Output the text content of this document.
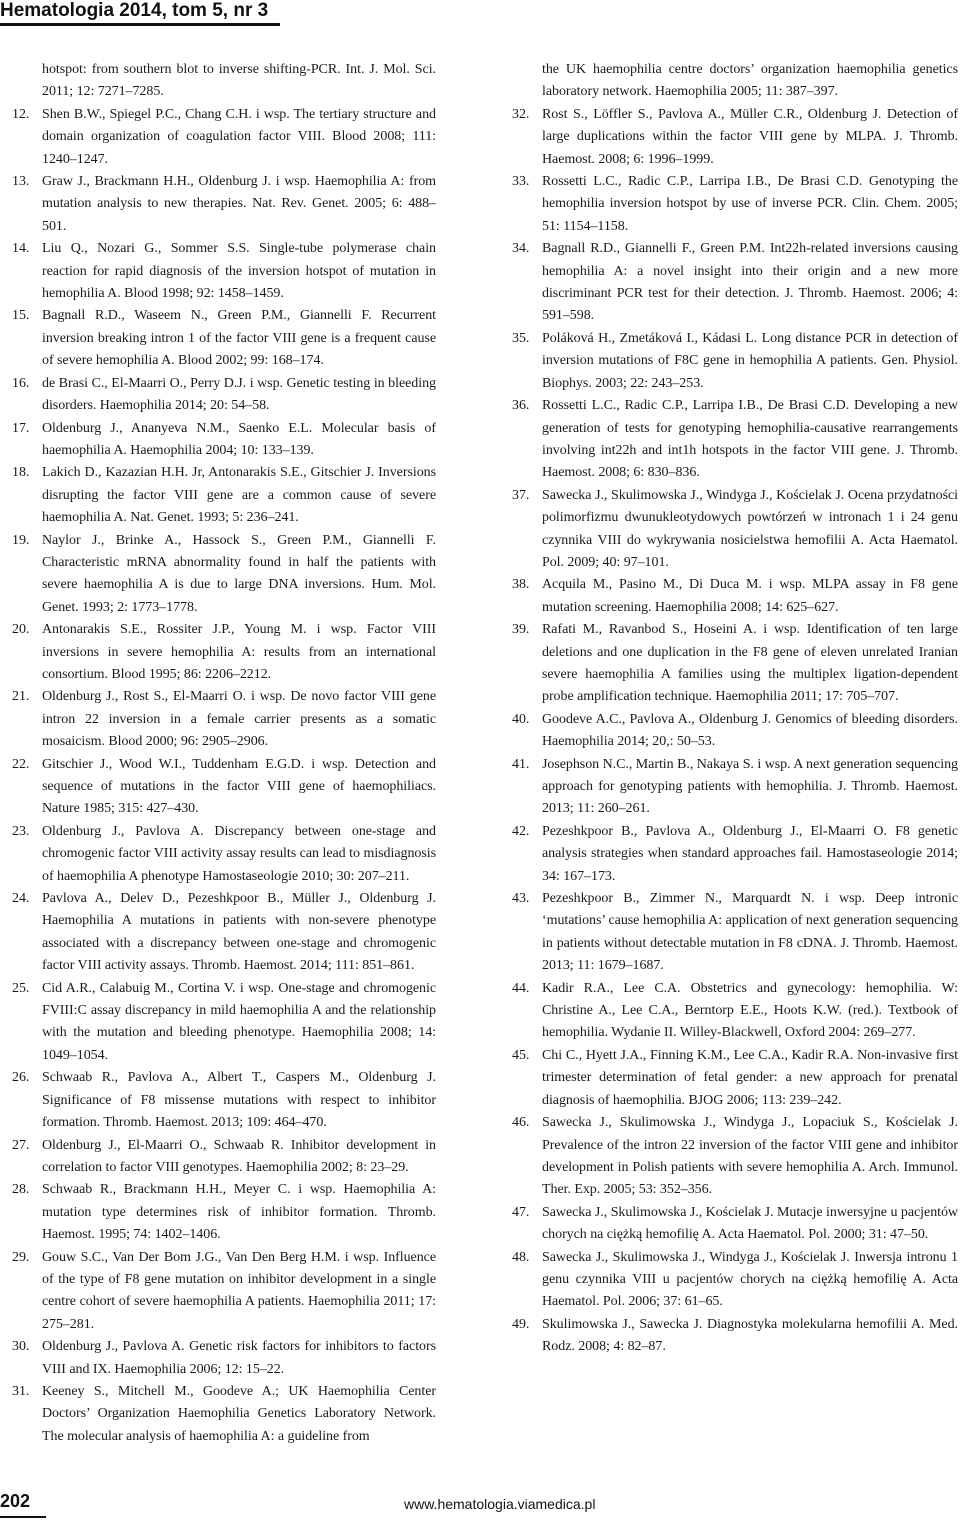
Hematologia 2014, tom 5, nr 3
hotspot: from southern blot to inverse shifting-PCR. Int. J. Mol. Sci. 2011; 12: 7271–7285.
12. Shen B.W., Spiegel P.C., Chang C.H. i wsp. The tertiary structure and domain organization of coagulation factor VIII. Blood 2008; 111: 1240–1247.
13. Graw J., Brackmann H.H., Oldenburg J. i wsp. Haemophilia A: from mutation analysis to new therapies. Nat. Rev. Genet. 2005; 6: 488–501.
14. Liu Q., Nozari G., Sommer S.S. Single-tube polymerase chain reaction for rapid diagnosis of the inversion hotspot of mutation in hemophilia A. Blood 1998; 92: 1458–1459.
15. Bagnall R.D., Waseem N., Green P.M., Giannelli F. Recurrent inversion breaking intron 1 of the factor VIII gene is a frequent cause of severe hemophilia A. Blood 2002; 99: 168–174.
16. de Brasi C., El-Maarri O., Perry D.J. i wsp. Genetic testing in bleeding disorders. Haemophilia 2014; 20: 54–58.
17. Oldenburg J., Ananyeva N.M., Saenko E.L. Molecular basis of haemophilia A. Haemophilia 2004; 10: 133–139.
18. Lakich D., Kazazian H.H. Jr, Antonarakis S.E., Gitschier J. Inversions disrupting the factor VIII gene are a common cause of severe haemophilia A. Nat. Genet. 1993; 5: 236–241.
19. Naylor J., Brinke A., Hassock S., Green P.M., Giannelli F. Characteristic mRNA abnormality found in half the patients with severe haemophilia A is due to large DNA inversions. Hum. Mol. Genet. 1993; 2: 1773–1778.
20. Antonarakis S.E., Rossiter J.P., Young M. i wsp. Factor VIII inversions in severe hemophilia A: results from an international consortium. Blood 1995; 86: 2206–2212.
21. Oldenburg J., Rost S., El-Maarri O. i wsp. De novo factor VIII gene intron 22 inversion in a female carrier presents as a somatic mosaicism. Blood 2000; 96: 2905–2906.
22. Gitschier J., Wood W.I., Tuddenham E.G.D. i wsp. Detection and sequence of mutations in the factor VIII gene of haemophiliacs. Nature 1985; 315: 427–430.
23. Oldenburg J., Pavlova A. Discrepancy between one-stage and chromogenic factor VIII activity assay results can lead to misdiagnosis of haemophilia A phenotype Hamostaseologie 2010; 30: 207–211.
24. Pavlova A., Delev D., Pezeshkpoor B., Müller J., Oldenburg J. Haemophilia A mutations in patients with non-severe phenotype associated with a discrepancy between one-stage and chromogenic factor VIII activity assays. Thromb. Haemost. 2014; 111: 851–861.
25. Cid A.R., Calabuig M., Cortina V. i wsp. One-stage and chromogenic FVIII:C assay discrepancy in mild haemophilia A and the relationship with the mutation and bleeding phenotype. Haemophilia 2008; 14: 1049–1054.
26. Schwaab R., Pavlova A., Albert T., Caspers M., Oldenburg J. Significance of F8 missense mutations with respect to inhibitor formation. Thromb. Haemost. 2013; 109: 464–470.
27. Oldenburg J., El-Maarri O., Schwaab R. Inhibitor development in correlation to factor VIII genotypes. Haemophilia 2002; 8: 23–29.
28. Schwaab R., Brackmann H.H., Meyer C. i wsp. Haemophilia A: mutation type determines risk of inhibitor formation. Thromb. Haemost. 1995; 74: 1402–1406.
29. Gouw S.C., Van Der Bom J.G., Van Den Berg H.M. i wsp. Influence of the type of F8 gene mutation on inhibitor development in a single centre cohort of severe haemophilia A patients. Haemophilia 2011; 17: 275–281.
30. Oldenburg J., Pavlova A. Genetic risk factors for inhibitors to factors VIII and IX. Haemophilia 2006; 12: 15–22.
31. Keeney S., Mitchell M., Goodeve A.; UK Haemophilia Center Doctors’ Organization Haemophilia Genetics Laboratory Network. The molecular analysis of haemophilia A: a guideline from
the UK haemophilia centre doctors’ organization haemophilia genetics laboratory network. Haemophilia 2005; 11: 387–397.
32. Rost S., Löffler S., Pavlova A., Müller C.R., Oldenburg J. Detection of large duplications within the factor VIII gene by MLPA. J. Thromb. Haemost. 2008; 6: 1996–1999.
33. Rossetti L.C., Radic C.P., Larripa I.B., De Brasi C.D. Genotyping the hemophilia inversion hotspot by use of inverse PCR. Clin. Chem. 2005; 51: 1154–1158.
34. Bagnall R.D., Giannelli F., Green P.M. Int22h-related inversions causing hemophilia A: a novel insight into their origin and a new more discriminant PCR test for their detection. J. Thromb. Haemost. 2006; 4: 591–598.
35. Poláková H., Zmetáková I., Kádasi L. Long distance PCR in detection of inversion mutations of F8C gene in hemophilia A patients. Gen. Physiol. Biophys. 2003; 22: 243–253.
36. Rossetti L.C., Radic C.P., Larripa I.B., De Brasi C.D. Developing a new generation of tests for genotyping hemophilia-causative rearrangements involving int22h and int1h hotspots in the factor VIII gene. J. Thromb. Haemost. 2008; 6: 830–836.
37. Sawecka J., Skulimowska J., Windyga J., Kościelak J. Ocena przydatności polimorfizmu dwunukleotydowych powtórzeń w intronach 1 i 24 genu czynnika VIII do wykrywania nosicielstwa hemofilii A. Acta Haematol. Pol. 2009; 40: 97–101.
38. Acquila M., Pasino M., Di Duca M. i wsp. MLPA assay in F8 gene mutation screening. Haemophilia 2008; 14: 625–627.
39. Rafati M., Ravanbod S., Hoseini A. i wsp. Identification of ten large deletions and one duplication in the F8 gene of eleven unrelated Iranian severe haemophilia A families using the multiplex ligation-dependent probe amplification technique. Haemophilia 2011; 17: 705–707.
40. Goodeve A.C., Pavlova A., Oldenburg J. Genomics of bleeding disorders. Haemophilia 2014; 20,: 50–53.
41. Josephson N.C., Martin B., Nakaya S. i wsp. A next generation sequencing approach for genotyping patients with hemophilia. J. Thromb. Haemost. 2013; 11: 260–261.
42. Pezeshkpoor B., Pavlova A., Oldenburg J., El-Maarri O. F8 genetic analysis strategies when standard approaches fail. Hamostaseologie 2014; 34: 167–173.
43. Pezeshkpoor B., Zimmer N., Marquardt N. i wsp. Deep intronic ‘mutations’ cause hemophilia A: application of next generation sequencing in patients without detectable mutation in F8 cDNA. J. Thromb. Haemost. 2013; 11: 1679–1687.
44. Kadir R.A., Lee C.A. Obstetrics and gynecology: hemophilia. W: Christine A., Lee C.A., Berntorp E.E., Hoots K.W. (red.). Textbook of hemophilia. Wydanie II. Willey-Blackwell, Oxford 2004: 269–277.
45. Chi C., Hyett J.A., Finning K.M., Lee C.A., Kadir R.A. Non-invasive first trimester determination of fetal gender: a new approach for prenatal diagnosis of haemophilia. BJOG 2006; 113: 239–242.
46. Sawecka J., Skulimowska J., Windyga J., Lopaciuk S., Kościelak J. Prevalence of the intron 22 inversion of the factor VIII gene and inhibitor development in Polish patients with severe hemophilia A. Arch. Immunol. Ther. Exp. 2005; 53: 352–356.
47. Sawecka J., Skulimowska J., Kościelak J. Mutacje inwersyjne u pacjentów chorych na ciężką hemofilię A. Acta Haematol. Pol. 2000; 31: 47–50.
48. Sawecka J., Skulimowska J., Windyga J., Kościelak J. Inwersja intronu 1 genu czynnika VIII u pacjentów chorych na ciężką hemofilię A. Acta Haematol. Pol. 2006; 37: 61–65.
49. Skulimowska J., Sawecka J. Diagnostyka molekularna hemofilii A. Med. Rodz. 2008; 4: 82–87.
202	www.hematologia.viamedica.pl
